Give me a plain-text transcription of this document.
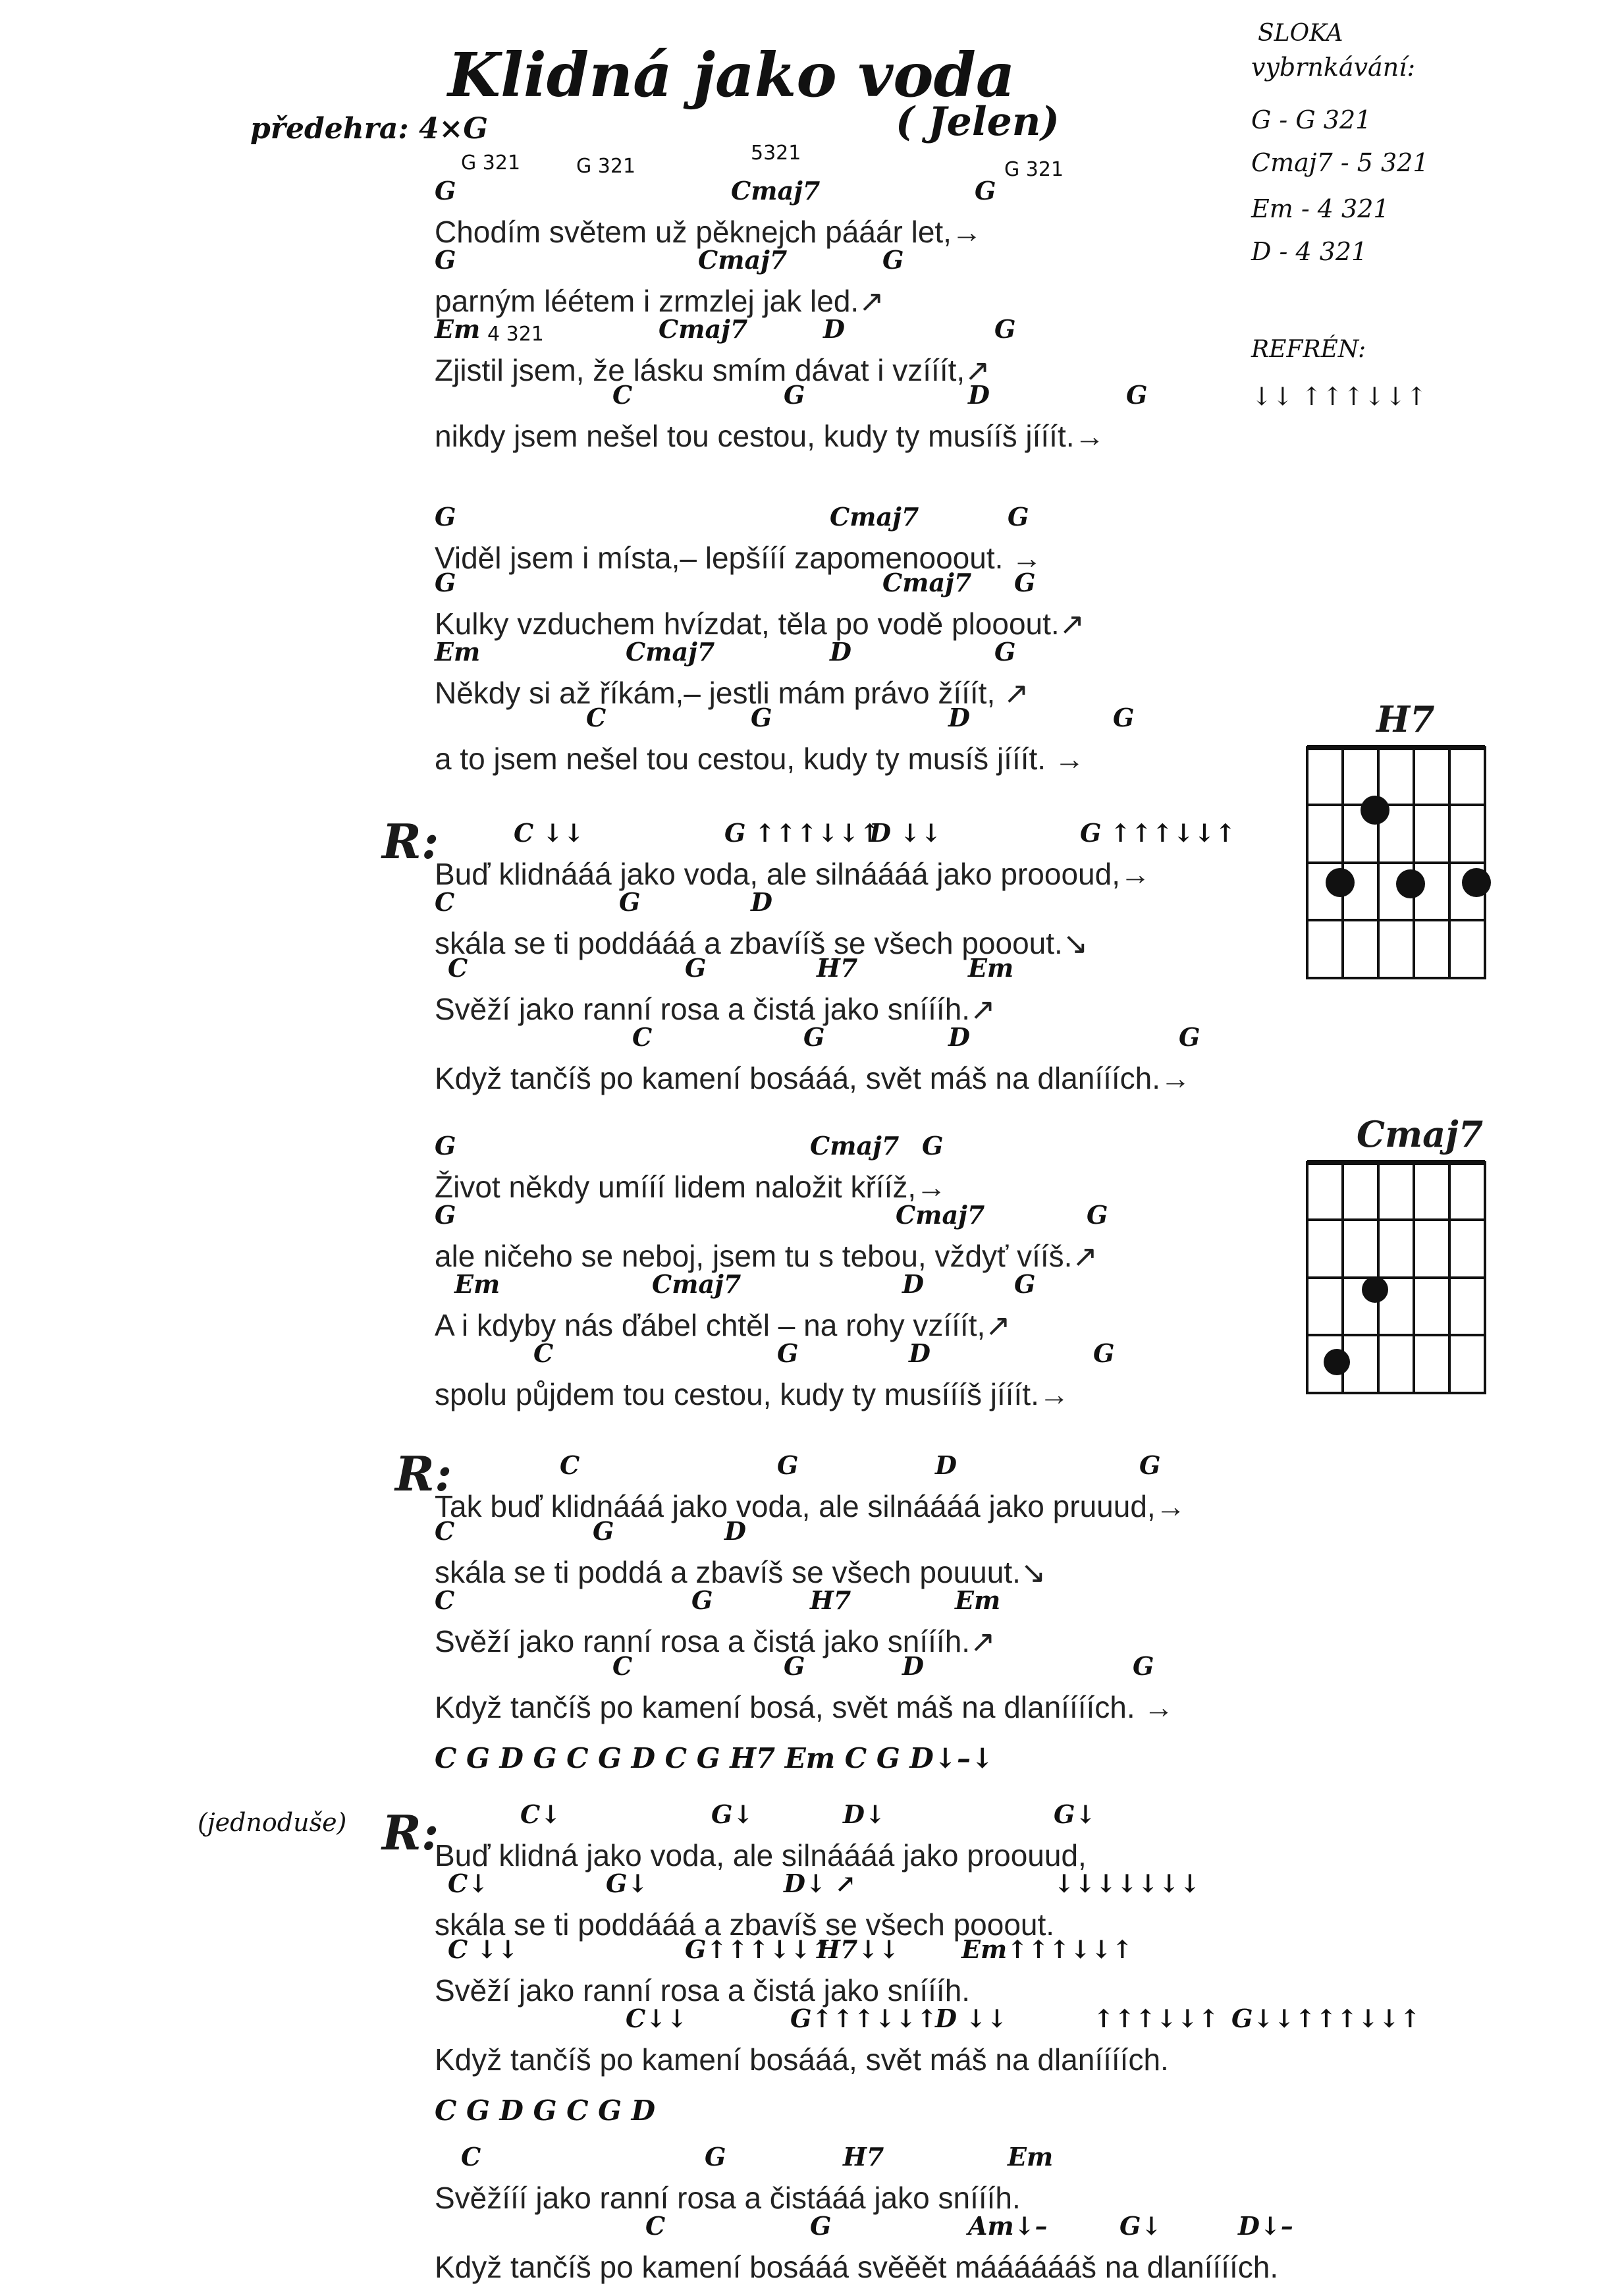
Klidná jako voda
( Jelen)
předehra: 4×G
SLOKA
vybrnkávání:
G - G 321
Cmaj7 - 5 321
Em - 4 321
D - 4 321
REFRÉN:
↓↓ ↑↑↑↓↓↑
H7
Cmaj7
R:
R:
R:
(jednoduše)
G 321	G 321
5321
G 321
4 321
Chodím světem už pěknejch pááár let,→
G	Cmaj7	G
parným léétem i zrmzlej jak led.↗
G	Cmaj7	G
Zjistil jsem, že lásku smím dávat i vzííít,↗
Em	Cmaj7	D	G
nikdy jsem nešel tou cestou, kudy ty musííš jííít.→
C	G	D	G
Viděl jsem i místa,– lepšííí zapomenooout. →
G	Cmaj7	G
Kulky vzduchem hvízdat, těla po vodě plooout.↗
G	Cmaj7 G
Někdy si až říkám,– jestli mám právo žííít, ↗
Em	Cmaj7	D	G
a to jsem nešel tou cestou, kudy ty musíš jííít. →
C	G	D	G
Buď klidnááá jako voda, ale silnáááá jako proooud,→
C ↓↓	G ↑↑↑↓↓↑
D ↓↓	G ↑↑↑↓↓↑
skála se ti poddááá a zbavííš se všech pooout.↘
C	G	D
Svěží jako ranní rosa a čistá jako sníííh.↗
C	G	H7	Em
Když tančíš po kamení bosááá, svět máš na dlanííích.→
C	G	D	G
Život někdy umííí lidem naložit křííž,→
G	Cmaj7 G
ale ničeho se neboj, jsem tu s tebou, vždyť vííš.↗
G	Cmaj7	G
A i kdyby nás ďábel chtěl – na rohy vzííít,↗
Em	Cmaj7	D	G
spolu půjdem tou cestou, kudy ty musíííš jííít.→
C	G	D	G
Tak buď klidnááá jako voda, ale silnáááá jako pruuud,→
C	G	D	G
skála se ti poddá a zbavíš se všech pouuut.↘
C	G	D
Svěží jako ranní rosa a čistá jako sníííh.↗
C	G	H7	Em
Když tančíš po kamení bosá, svět máš na dlaníííích. →
C	G	D	G
C G D G C G D C G H7 Em C G D↓–↓
Buď klidná jako voda, ale silnáááá jako proouud,
C↓	G↓	D↓	G↓
skála se ti poddááá a zbavíš se všech pooout.
C↓	G↓	D↓ ↗	↓↓↓↓↓↓↓
Svěží jako ranní rosa a čistá jako sníííh.
C ↓↓	G↑↑↑↓↓↑
H7↓↓ Em↑↑↑↓↓↑
Když tančíš po kamení bosááá, svět máš na dlaníííích.
C↓↓	G↑↑↑↓↓↑
D ↓↓	↑↑↑↓↓↑ G↓↓↑↑↑↓↓↑
C G D G C G D
Svěžííí jako ranní rosa a čistááá jako sníííh.
C	G	H7	Em
Když tančíš po kamení bosááá svěěět mááááááš na dlaníííích.
C	G	Am↓–	D↓–
G↓
